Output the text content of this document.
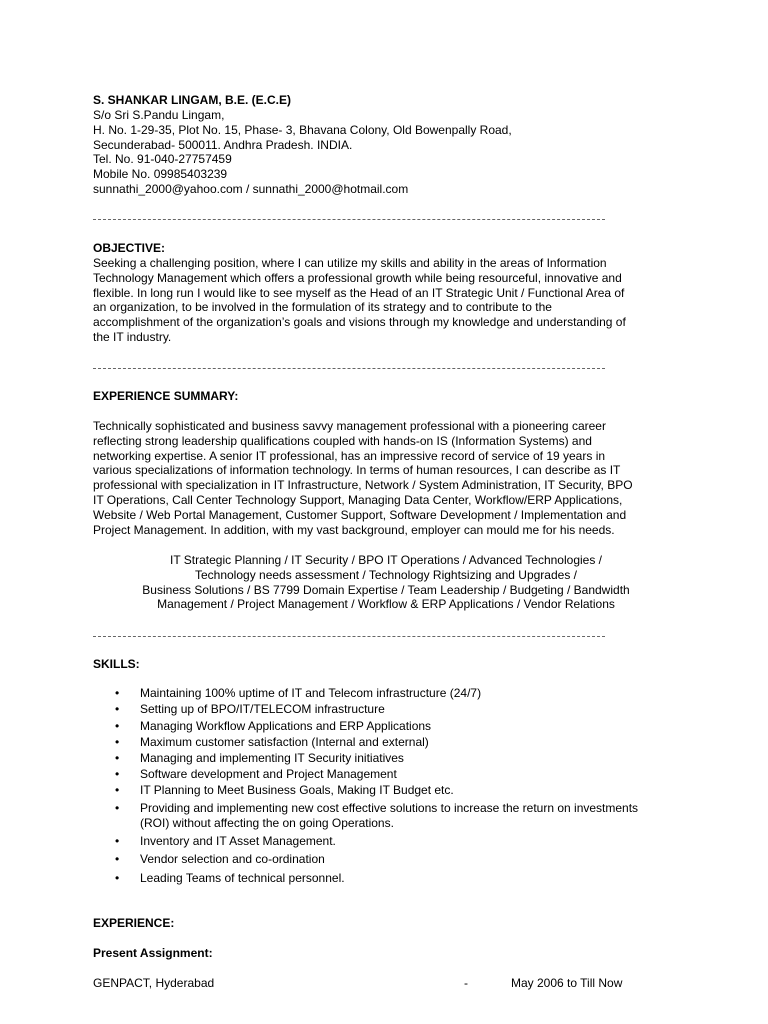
S. SHANKAR LINGAM, B.E. (E.C.E)
S/o Sri S.Pandu Lingam,
H. No. 1-29-35, Plot No. 15, Phase- 3, Bhavana Colony, Old Bowenpally Road,
Secunderabad- 500011. Andhra Pradesh. INDIA.
Tel. No. 91-040-27757459
Mobile No. 09985403239
sunnathi_2000@yahoo.com / sunnathi_2000@hotmail.com
OBJECTIVE:
Seeking a challenging position, where I can utilize my skills and ability in the areas of Information
Technology Management which offers a professional growth while being resourceful, innovative and
flexible. In long run I would like to see myself as the Head of an IT Strategic Unit / Functional Area of
an organization, to be involved in the formulation of its strategy and to contribute to the
accomplishment of the organization’s goals and visions through my knowledge and understanding of
the IT industry.
EXPERIENCE SUMMARY:
Technically sophisticated and business savvy management professional with a pioneering career
reflecting strong leadership qualifications coupled with hands-on IS (Information Systems) and
networking expertise. A senior IT professional, has an impressive record of service of 19 years in
various specializations of information technology. In terms of human resources, I can describe as IT
professional with specialization in IT Infrastructure, Network / System Administration, IT Security, BPO
IT Operations, Call Center Technology Support, Managing Data Center, Workflow/ERP Applications,
Website / Web Portal Management, Customer Support, Software Development / Implementation and
Project Management. In addition, with my vast background, employer can mould me for his needs.
IT Strategic Planning / IT Security / BPO IT Operations / Advanced Technologies /
Technology needs assessment / Technology Rightsizing and Upgrades /
Business Solutions / BS 7799 Domain Expertise / Team Leadership / Budgeting / Bandwidth
Management / Project Management / Workflow & ERP Applications / Vendor Relations
SKILLS:
• Maintaining 100% uptime of IT and Telecom infrastructure (24/7)
• Setting up of BPO/IT/TELECOM infrastructure
• Managing Workflow Applications and ERP Applications
• Maximum customer satisfaction (Internal and external)
• Managing and implementing IT Security initiatives
• Software development and Project Management
• IT Planning to Meet Business Goals, Making IT Budget etc.
• Providing and implementing new cost effective solutions to increase the return on investments
(ROI) without affecting the on going Operations.
• Inventory and IT Asset Management.
• Vendor selection and co-ordination
• Leading Teams of technical personnel.
EXPERIENCE:
Present Assignment:
GENPACT, Hyderabad	-	May 2006 to Till Now
